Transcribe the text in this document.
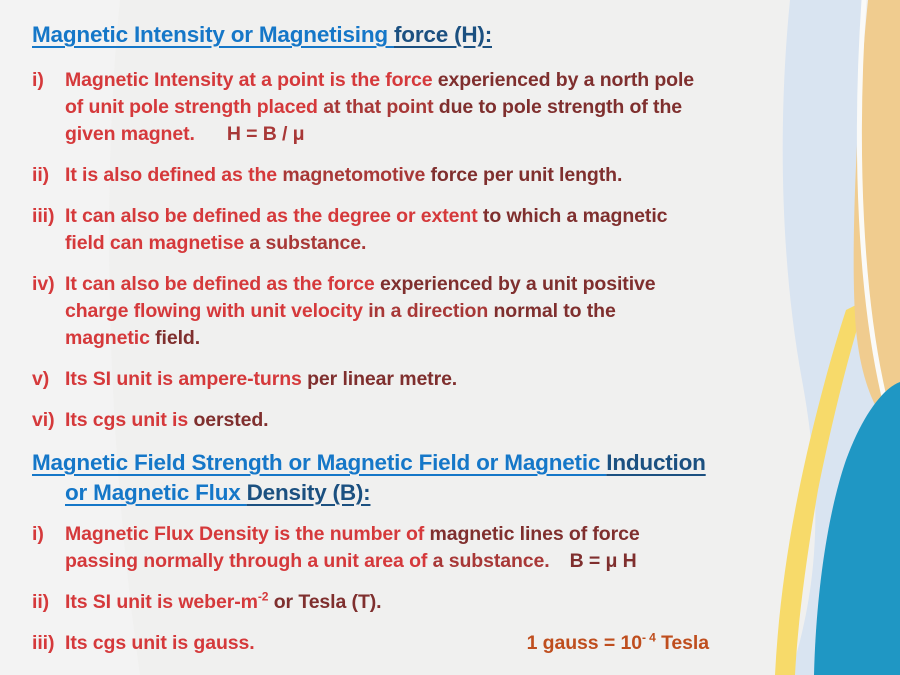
Magnetic Intensity or Magnetising force (H):
i)	Magnetic Intensity at a point is the force experienced by a north pole
of unit pole strength placed at that point due to pole strength of the
given magnet. H = B / μ
ii) It is also defined as the magnetomotive force per unit length.
iii) It can also be defined as the degree or extent to which a magnetic
field can magnetise a substance.
iv) It can also be defined as the force experienced by a unit positive
charge flowing with unit velocity in a direction normal to the
magnetic field.
v) Its SI unit is ampere-turns per linear metre.
vi) Its cgs unit is oersted.
Magnetic Field Strength or Magnetic Field or Magnetic Induction
or Magnetic Flux Density (B):
i)	Magnetic Flux Density is the number of magnetic lines of force
passing normally through a unit area of a substance. B = μ H
ii) Its SI unit is weber-$m^{-2}$ or Tesla (T).
iii) Its cgs unit is gauss.	1 gauss = $10^{- 4}$ Tesla
